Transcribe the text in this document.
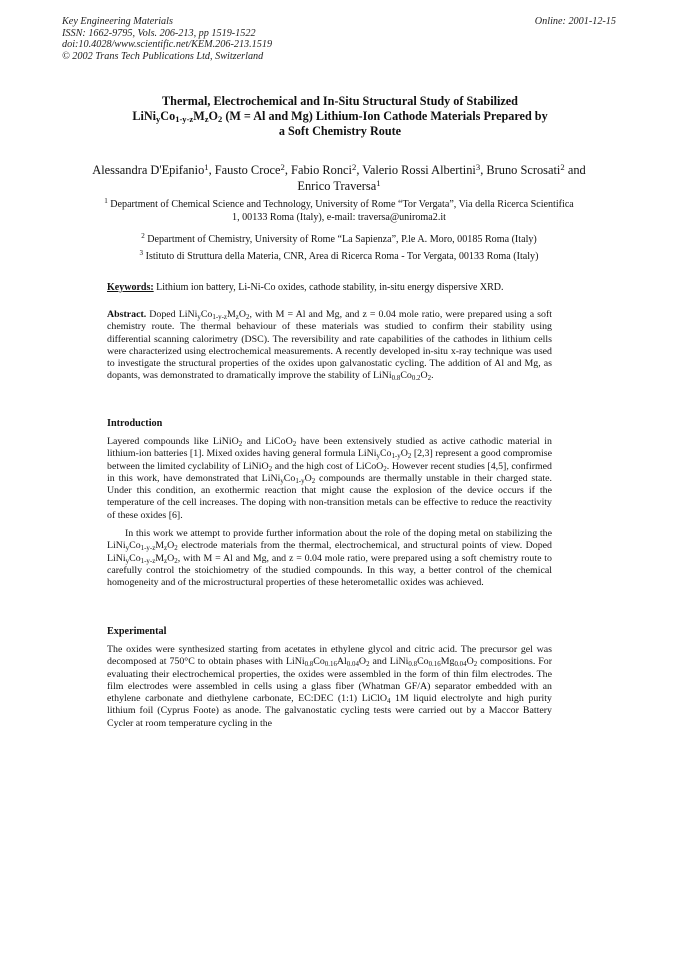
Key Engineering Materials
ISSN: 1662-9795, Vols. 206-213, pp 1519-1522
doi:10.4028/www.scientific.net/KEM.206-213.1519
© 2002 Trans Tech Publications Ltd, Switzerland
Online: 2001-12-15
Thermal, Electrochemical and In-Situ Structural Study of Stabilized
$LiNi_yCo_{1-y-z}M_zO_2$ (M = Al and Mg) Lithium-Ion Cathode Materials Prepared by
a Soft Chemistry Route
Alessandra D'Epifanio$^1$, Fausto Croce$^2$, Fabio Ronci$^2$, Valerio Rossi Albertini$^3$, Bruno Scrosati$^2$ and Enrico Traversa$^1$
$^1$ Department of Chemical Science and Technology, University of Rome “Tor Vergata”, Via della Ricerca Scientifica 1, 00133 Roma (Italy), e-mail: traversa@uniroma2.it
$^2$ Department of Chemistry, University of Rome “La Sapienza”, P.le A. Moro, 00185 Roma (Italy)
$^3$ Istituto di Struttura della Materia, CNR, Area di Ricerca Roma - Tor Vergata, 00133 Roma (Italy)
Keywords: Lithium ion battery, Li-Ni-Co oxides, cathode stability, in-situ energy dispersive XRD.
Abstract. Doped $LiNi_yCo_{1-y-z}M_zO_2$, with M = Al and Mg, and z = 0.04 mole ratio, were prepared using a soft chemistry route. The thermal behaviour of these materials was studied to confirm their stability using differential scanning calorimetry (DSC). The reversibility and rate capabilities of the cathodes in lithium cells were characterized using electrochemical measurements. A recently developed in-situ x-ray technique was used to investigate the structural properties of the oxides upon galvanostatic cycling. The addition of Al and Mg, as dopants, was demonstrated to dramatically improve the stability of $LiNi_{0.8}Co_{0.2}O_2$.
Introduction
Layered compounds like LiNiO$_2$ and LiCoO$_2$ have been extensively studied as active cathodic material in lithium-ion batteries [1]. Mixed oxides having general formula $LiNi_yCo_{1-y}O_2$ [2,3] represent a good compromise between the limited cyclability of LiNiO$_2$ and the high cost of LiCoO$_2$. However recent studies [4,5], confirmed in this work, have demonstrated that $LiNi_yCo_{1-y}O_2$ compounds are thermally unstable in their charged state. Under this condition, an exothermic reaction that might cause the explosion of the device occurs if the temperature of the cell increases. The doping with non-transition metals can be effective to reduce the reactivity of these oxides [6].
In this work we attempt to provide further information about the role of the doping metal on stabilizing the $LiNi_yCo_{1-y-z}M_zO_2$ electrode materials from the thermal, electrochemical, and structural points of view. Doped $LiNi_yCo_{1-y-z}M_zO_2$, with M = Al and Mg, and z = 0.04 mole ratio, were prepared using a soft chemistry route to carefully control the stoichiometry of the studied compounds. In this way, a better control of the chemical homogeneity and of the microstructural properties of these heterometallic oxides was achieved.
Experimental
The oxides were synthesized starting from acetates in ethylene glycol and citric acid. The precursor gel was decomposed at 750°C to obtain phases with $LiNi_{0.8}Co_{0.16}Al_{0.04}O_2$ and $LiNi_{0.8}Co_{0.16}Mg_{0.04}O_2$ compositions. For evaluating their electrochemical properties, the oxides were assembled in the form of thin film electrodes. The film electrodes were assembled in cells using a glass fiber (Whatman GF/A) separator embedded with an ethylene carbonate and diethylene carbonate, EC:DEC (1:1) LiClO$_4$ 1M liquid electrolyte and high purity lithium foil (Cyprus Foote) as anode. The galvanostatic cycling tests were carried out by a Maccor Battery Cycler at room temperature cycling in the
